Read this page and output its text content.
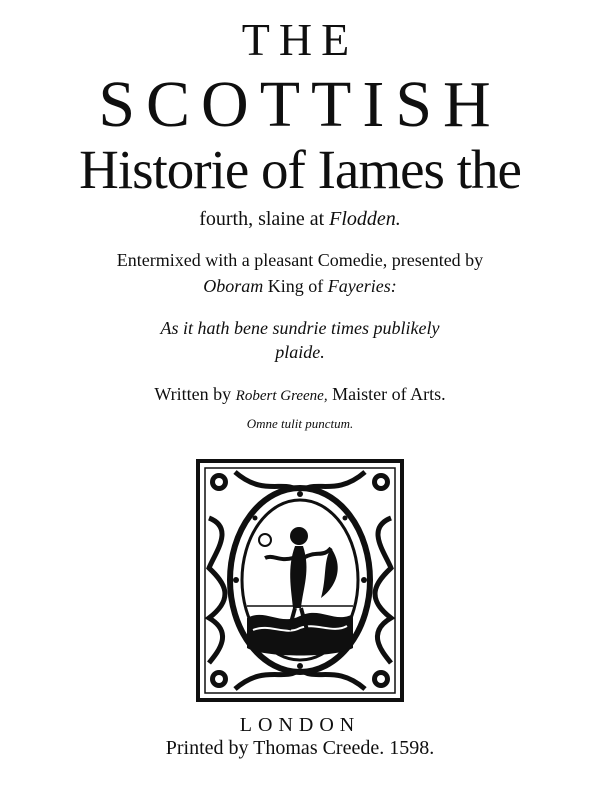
THE
SCOTTISH
Historie of Iames the
fourth, slaine at Flodden.
Entermixed with a pleasant Comedie, presented by
Oboram King of Fayeries:
As it hath bene sundrie times publikely
plaide.
Written by Robert Greene, Maister of Arts.
Omne tulit punctum.
LONDON
Printed by Thomas Creede. 1598.
